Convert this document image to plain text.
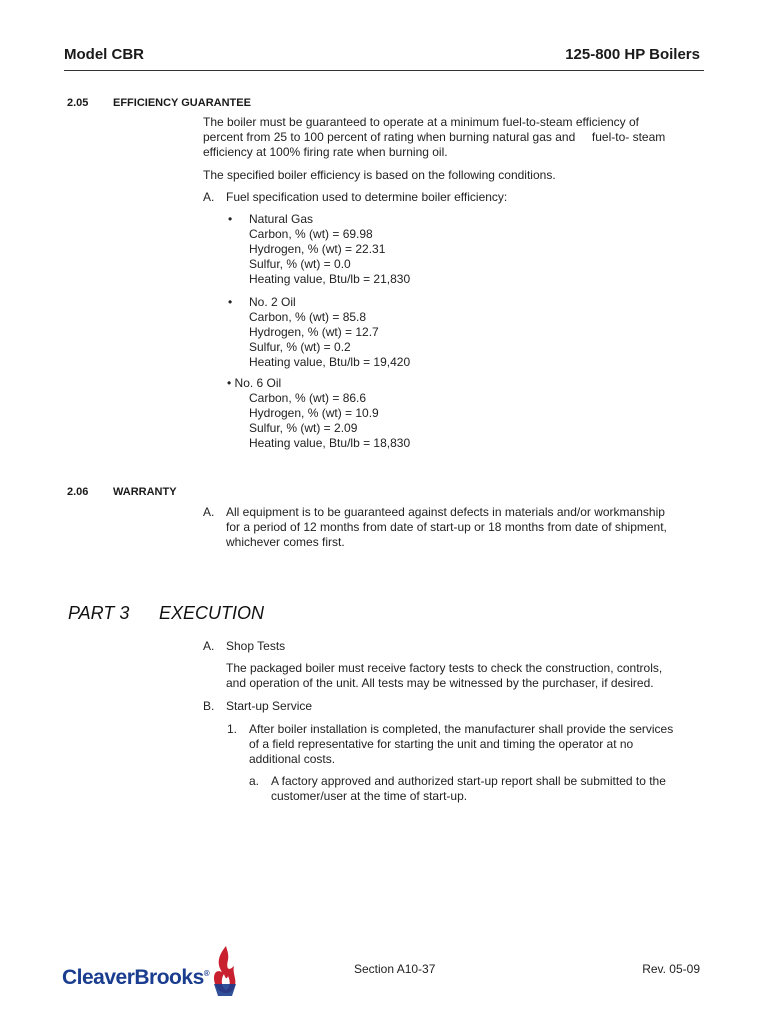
Model CBR	125-800 HP Boilers
2.05 EFFICIENCY GUARANTEE
The boiler must be guaranteed to operate at a minimum fuel-to-steam efficiency of
percent from 25 to 100 percent of rating when burning natural gas and     fuel-to- steam
efficiency at 100% firing rate when burning oil.
The specified boiler efficiency is based on the following conditions.
A. Fuel specification used to determine boiler efficiency:
• Natural Gas
Carbon, % (wt) = 69.98
Hydrogen, % (wt) = 22.31
Sulfur, % (wt) = 0.0
Heating value, Btu/lb = 21,830
• No. 2 Oil
Carbon, % (wt) = 85.8
Hydrogen, % (wt) = 12.7
Sulfur, % (wt) = 0.2
Heating value, Btu/lb = 19,420
• No. 6 Oil
Carbon, % (wt) = 86.6
Hydrogen, % (wt) = 10.9
Sulfur, % (wt) = 2.09
Heating value, Btu/lb = 18,830
2.06 WARRANTY
A. All equipment is to be guaranteed against defects in materials and/or workmanship
for a period of 12 months from date of start-up or 18 months from date of shipment,
whichever comes first.
PART 3 EXECUTION
A. Shop Tests
The packaged boiler must receive factory tests to check the construction, controls,
and operation of the unit. All tests may be witnessed by the purchaser, if desired.
B. Start-up Service
1. After boiler installation is completed, the manufacturer shall provide the services
of a field representative for starting the unit and timing the operator at no
additional costs.
a. A factory approved and authorized start-up report shall be submitted to the
customer/user at the time of start-up.
CleaverBrooks®	Section A10-37	Rev. 05-09
